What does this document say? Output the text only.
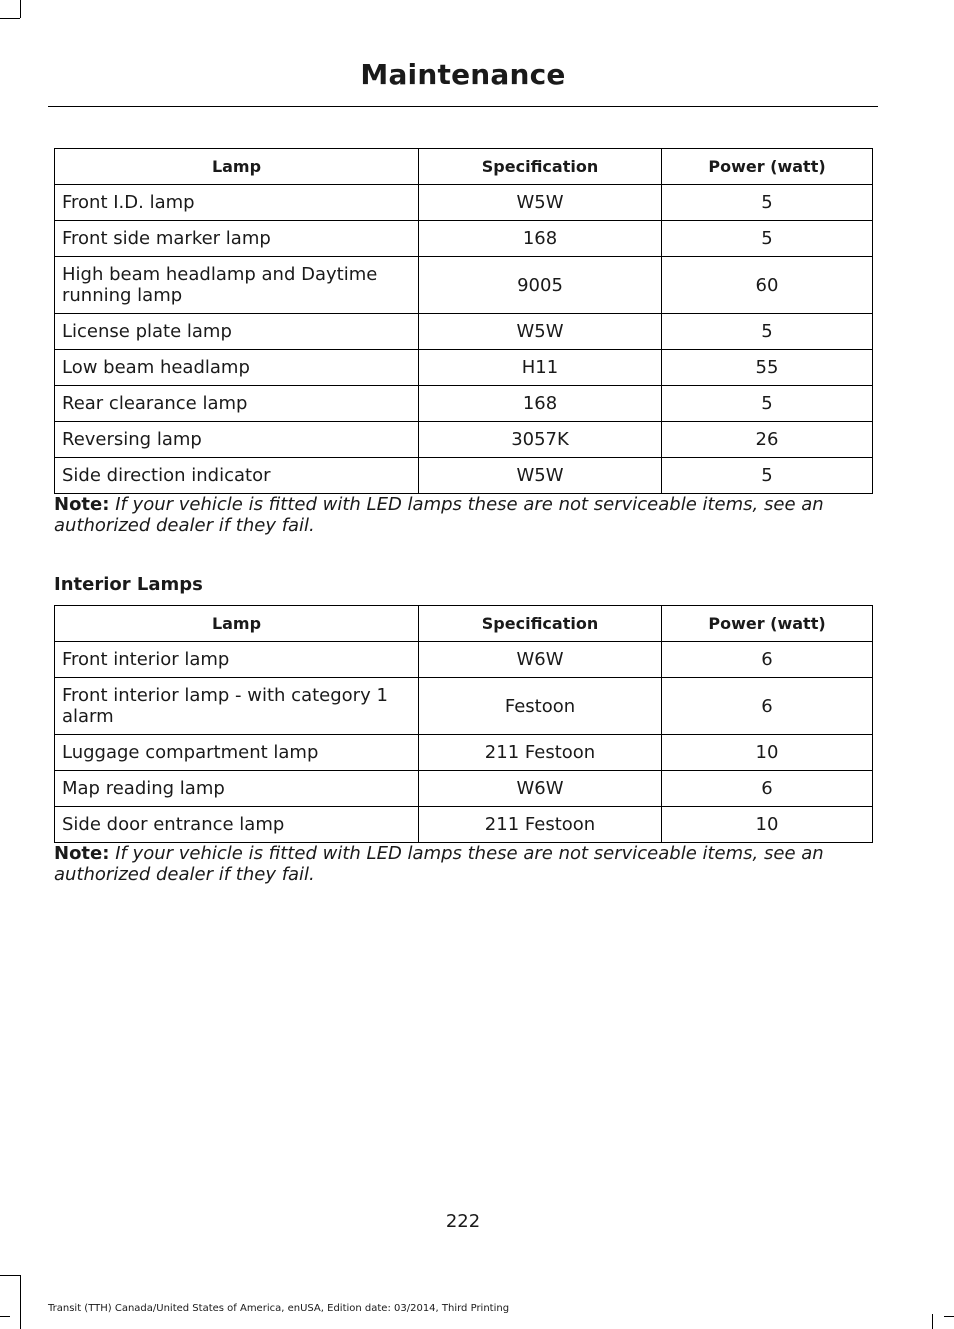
Maintenance
Lamp	Specification	Power (watt)
Front I.D. lamp	W5W	5
Front side marker lamp	168	5
High beam headlamp and Daytime running lamp	9005	60
License plate lamp	W5W	5
Low beam headlamp	H11	55
Rear clearance lamp	168	5
Reversing lamp	3057K	26
Side direction indicator	W5W	5
Note: If your vehicle is fitted with LED lamps these are not serviceable items, see an authorized dealer if they fail.
Interior Lamps
Lamp	Specification	Power (watt)
Front interior lamp	W6W	6
Front interior lamp - with category 1 alarm	Festoon	6
Luggage compartment lamp	211 Festoon	10
Map reading lamp	W6W	6
Side door entrance lamp	211 Festoon	10
Note: If your vehicle is fitted with LED lamps these are not serviceable items, see an authorized dealer if they fail.
222
Transit (TTH) Canada/United States of America, enUSA, Edition date: 03/2014, Third Printing
